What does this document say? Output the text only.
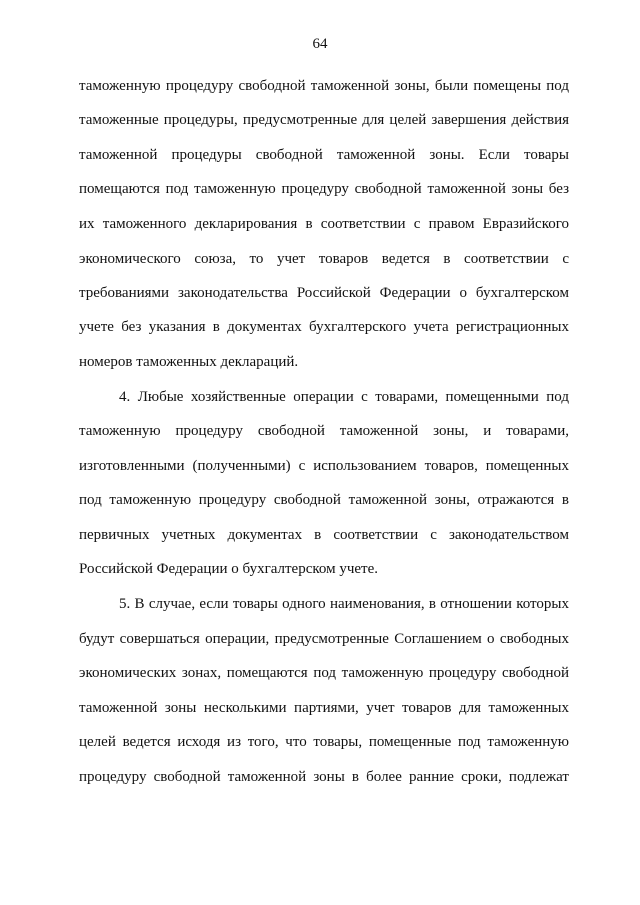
64
таможенную процедуру свободной таможенной зоны, были помещены под
таможенные процедуры, предусмотренные для целей завершения действия
таможенной процедуры свободной таможенной зоны. Если товары
помещаются под таможенную процедуру свободной таможенной зоны без
их таможенного декларирования в соответствии с правом Евразийского
экономического союза, то учет товаров ведется в соответствии с
требованиями законодательства Российской Федерации о бухгалтерском
учете без указания в документах бухгалтерского учета регистрационных
номеров таможенных деклараций.
4. Любые хозяйственные операции с товарами, помещенными под
таможенную процедуру свободной таможенной зоны, и товарами,
изготовленными (полученными) с использованием товаров, помещенных
под таможенную процедуру свободной таможенной зоны, отражаются в
первичных учетных документах в соответствии с законодательством
Российской Федерации о бухгалтерском учете.
5. В случае, если товары одного наименования, в отношении которых
будут совершаться операции, предусмотренные Соглашением о свободных
экономических зонах, помещаются под таможенную процедуру свободной
таможенной зоны несколькими партиями, учет товаров для таможенных
целей ведется исходя из того, что товары, помещенные под таможенную
процедуру свободной таможенной зоны в более ранние сроки, подлежат
